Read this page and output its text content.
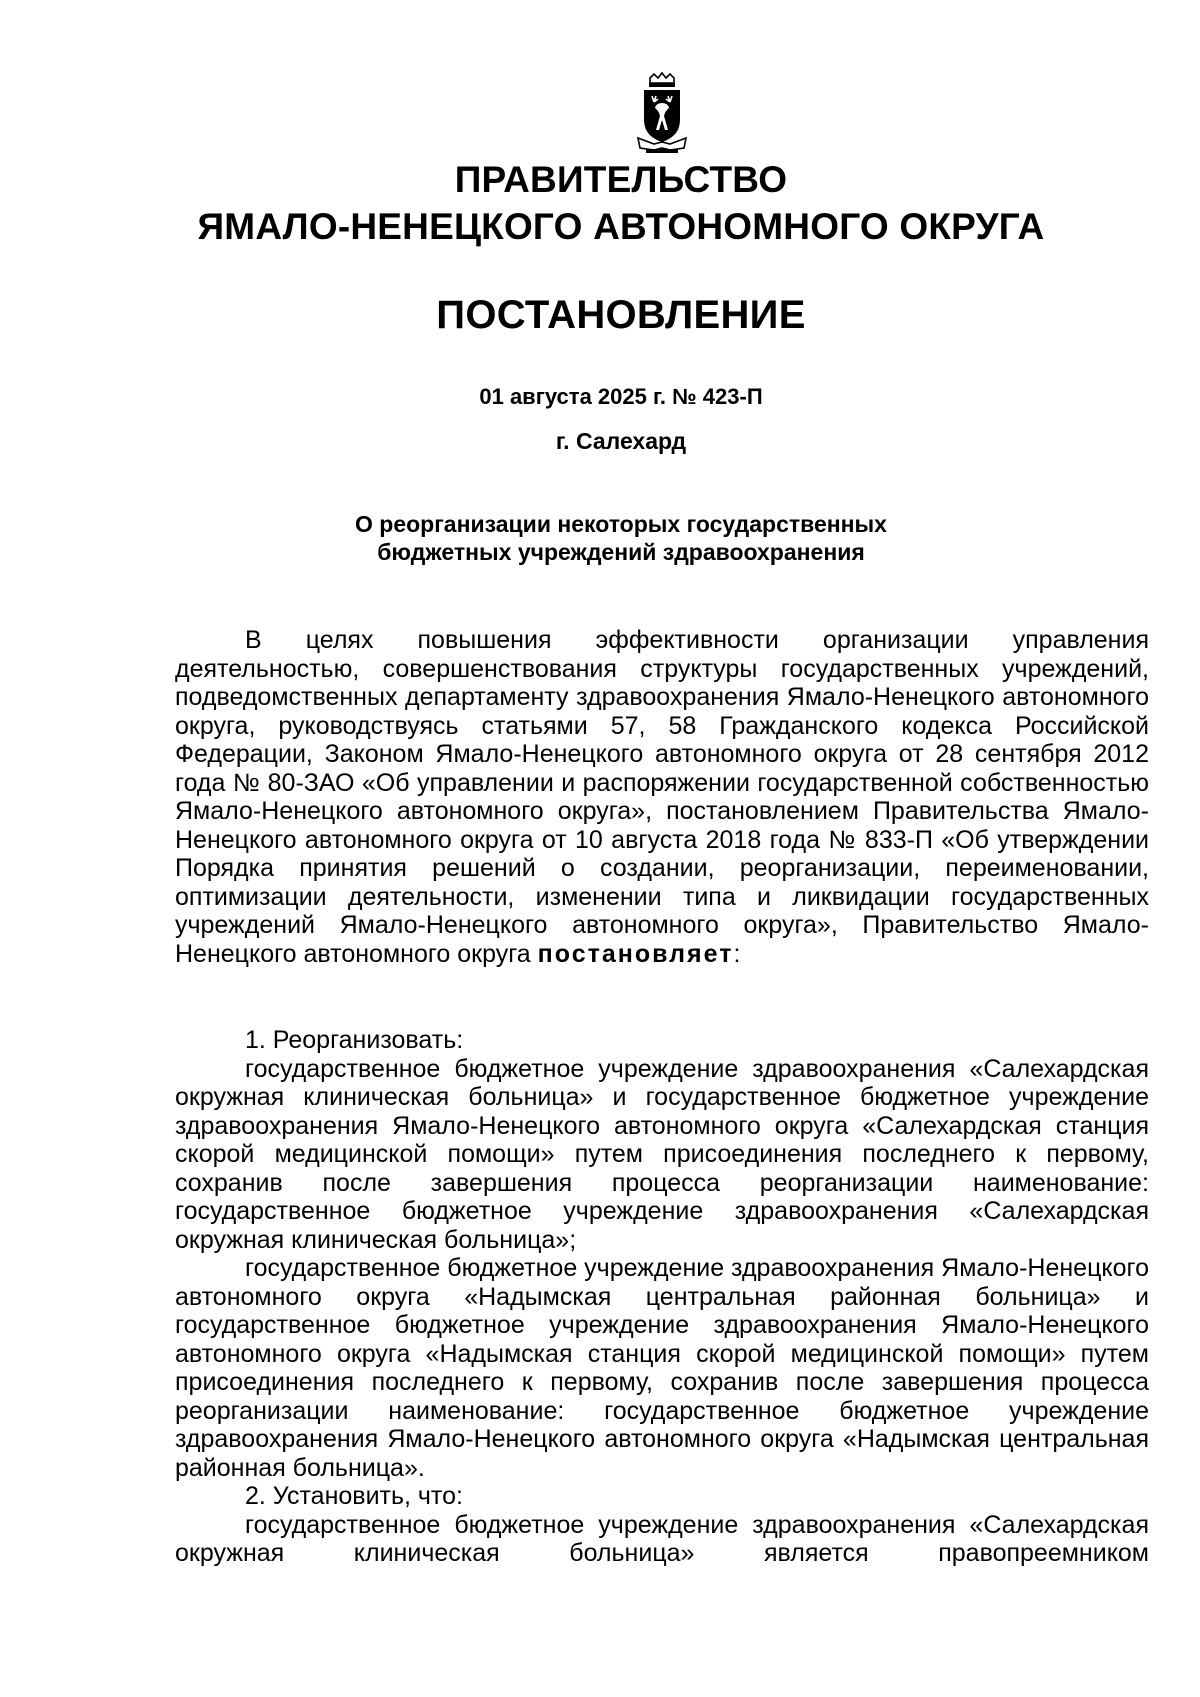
ПРАВИТЕЛЬСТВО
ЯМАЛО-НЕНЕЦКОГО АВТОНОМНОГО ОКРУГА
ПОСТАНОВЛЕНИЕ
01 августа 2025 г. № 423-П
г. Салехард
О реорганизации некоторых государственных
бюджетных учреждений здравоохранения

В целях повышения эффективности организации управления деятельностью, совершенствования структуры государственных учреждений, подведомственных департаменту здравоохранения Ямало-Ненецкого автономного округа, руководствуясь статьями 57, 58 Гражданского кодекса Российской Федерации, Законом Ямало-Ненецкого автономного округа от 28 сентября 2012 года № 80-ЗАО «Об управлении и распоряжении государственной собственностью Ямало-Ненецкого автономного округа», постановлением Правительства Ямало-Ненецкого автономного округа от 10 августа 2018 года № 833-П «Об утверждении Порядка принятия решений о создании, реорганизации, переименовании, оптимизации деятельности, изменении типа и ликвидации государственных учреждений Ямало-Ненецкого автономного округа», Правительство Ямало-Ненецкого автономного округа постановляет:

1. Реорганизовать:

государственное бюджетное учреждение здравоохранения «Салехардская окружная клиническая больница» и государственное бюджетное учреждение здравоохранения Ямало-Ненецкого автономного округа «Салехардская станция скорой медицинской помощи» путем присоединения последнего к первому, сохранив после завершения процесса реорганизации наименование: государственное бюджетное учреждение здравоохранения «Салехардская окружная клиническая больница»;

государственное бюджетное учреждение здравоохранения Ямало-Ненецкого автономного округа «Надымская центральная районная больница» и государственное бюджетное учреждение здравоохранения Ямало-Ненецкого автономного округа «Надымская станция скорой медицинской помощи» путем присоединения последнего к первому, сохранив после завершения процесса реорганизации наименование: государственное бюджетное учреждение здравоохранения Ямало-Ненецкого автономного округа «Надымская центральная районная больница».

2. Установить, что:

государственное бюджетное учреждение здравоохранения «Салехардская окружная клиническая больница» является правопреемником
